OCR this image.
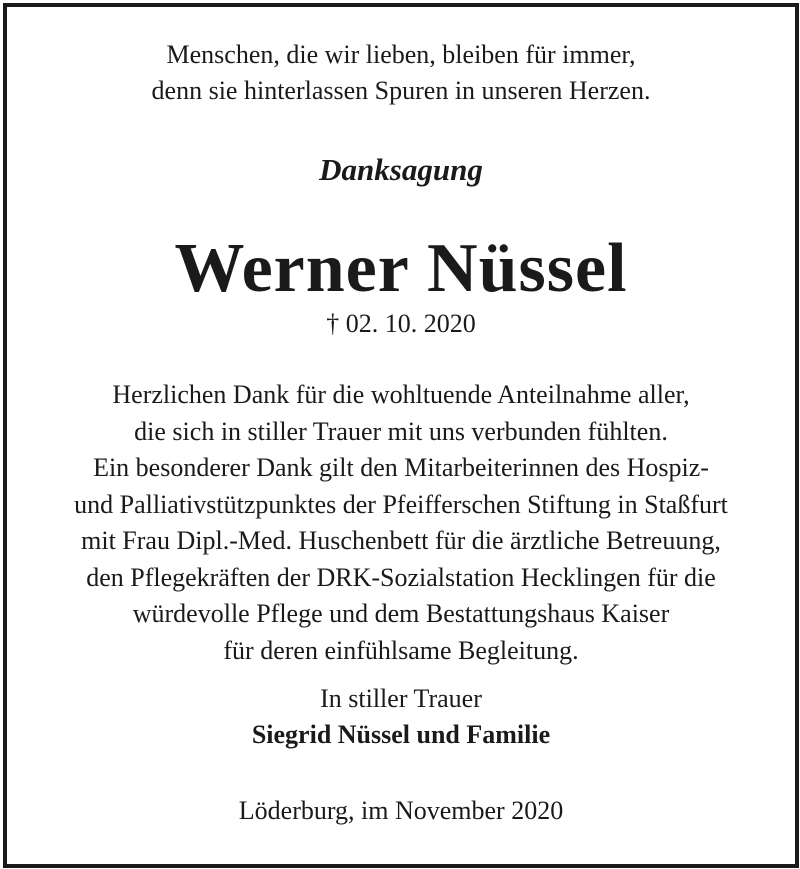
Menschen, die wir lieben, bleiben für immer,
denn sie hinterlassen Spuren in unseren Herzen.

Danksagung
Werner Nüssel

† 02. 10. 2020

Herzlichen Dank für die wohltuende Anteilnahme aller,
die sich in stiller Trauer mit uns verbunden fühlten.
Ein besonderer Dank gilt den Mitarbeiterinnen des Hospiz-
und Palliativstützpunktes der Pfeifferschen Stiftung in Staßfurt
mit Frau Dipl.-Med. Huschenbett für die ärztliche Betreuung,
den Pflegekräften der DRK-Sozialstation Hecklingen für die
würdevolle Pflege und dem Bestattungshaus Kaiser
für deren einfühlsame Begleitung.

In stiller Trauer

Siegrid Nüssel und Familie

Löderburg, im November 2020
